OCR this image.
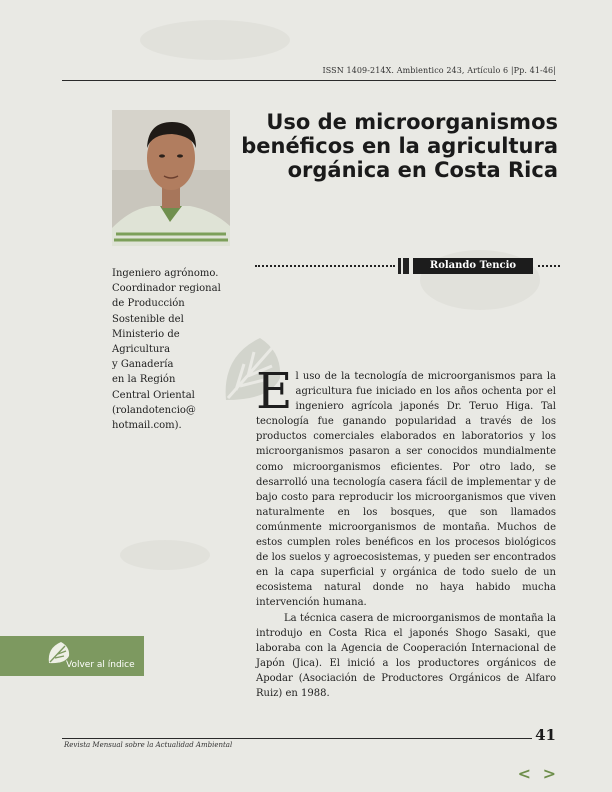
ISSN 1409-214X. Ambientico 243, Artículo 6 |Pp. 41-46|
Uso de microorganismos
benéficos en la agricultura
orgánica en Costa Rica
Rolando Tencio
Ingeniero agrónomo.
Coordinador regional
de Producción
Sostenible del
Ministerio de
Agricultura
y Ganadería
en la Región
Central Oriental
(rolandotencio@
hotmail.com).

El uso de la tecnología de microorganismos para la agricultura fue iniciado en los años ochenta por el ingeniero agrícola japonés Dr. Teruo Higa. Tal tecnología fue ganando popularidad a través de los productos comerciales elaborados en laboratorios y los microorganismos pasaron a ser conocidos mundialmente como microorganismos eficientes. Por otro lado, se desarrolló una tecnología casera fácil de implementar y de bajo costo para reproducir los microorganismos que viven naturalmente en los bosques, que son llamados comúnmente microorganismos de montaña. Muchos de estos cumplen roles benéficos en los procesos biológicos de los suelos y agroecosistemas, y pueden ser encontrados en la capa superficial y orgánica de todo suelo de un ecosistema natural donde no haya habido mucha intervención humana.

La técnica casera de microorganismos de montaña la introdujo en Costa Rica el japonés Shogo Sasaki, que laboraba con la Agencia de Cooperación Internacional de Japón (Jica). El inició a los productores orgánicos de Apodar (Asociación de Productores Orgánicos de Alfaro Ruiz) en 1988.

Volver al índice
41
Revista Mensual sobre la Actualidad Ambiental
< >
